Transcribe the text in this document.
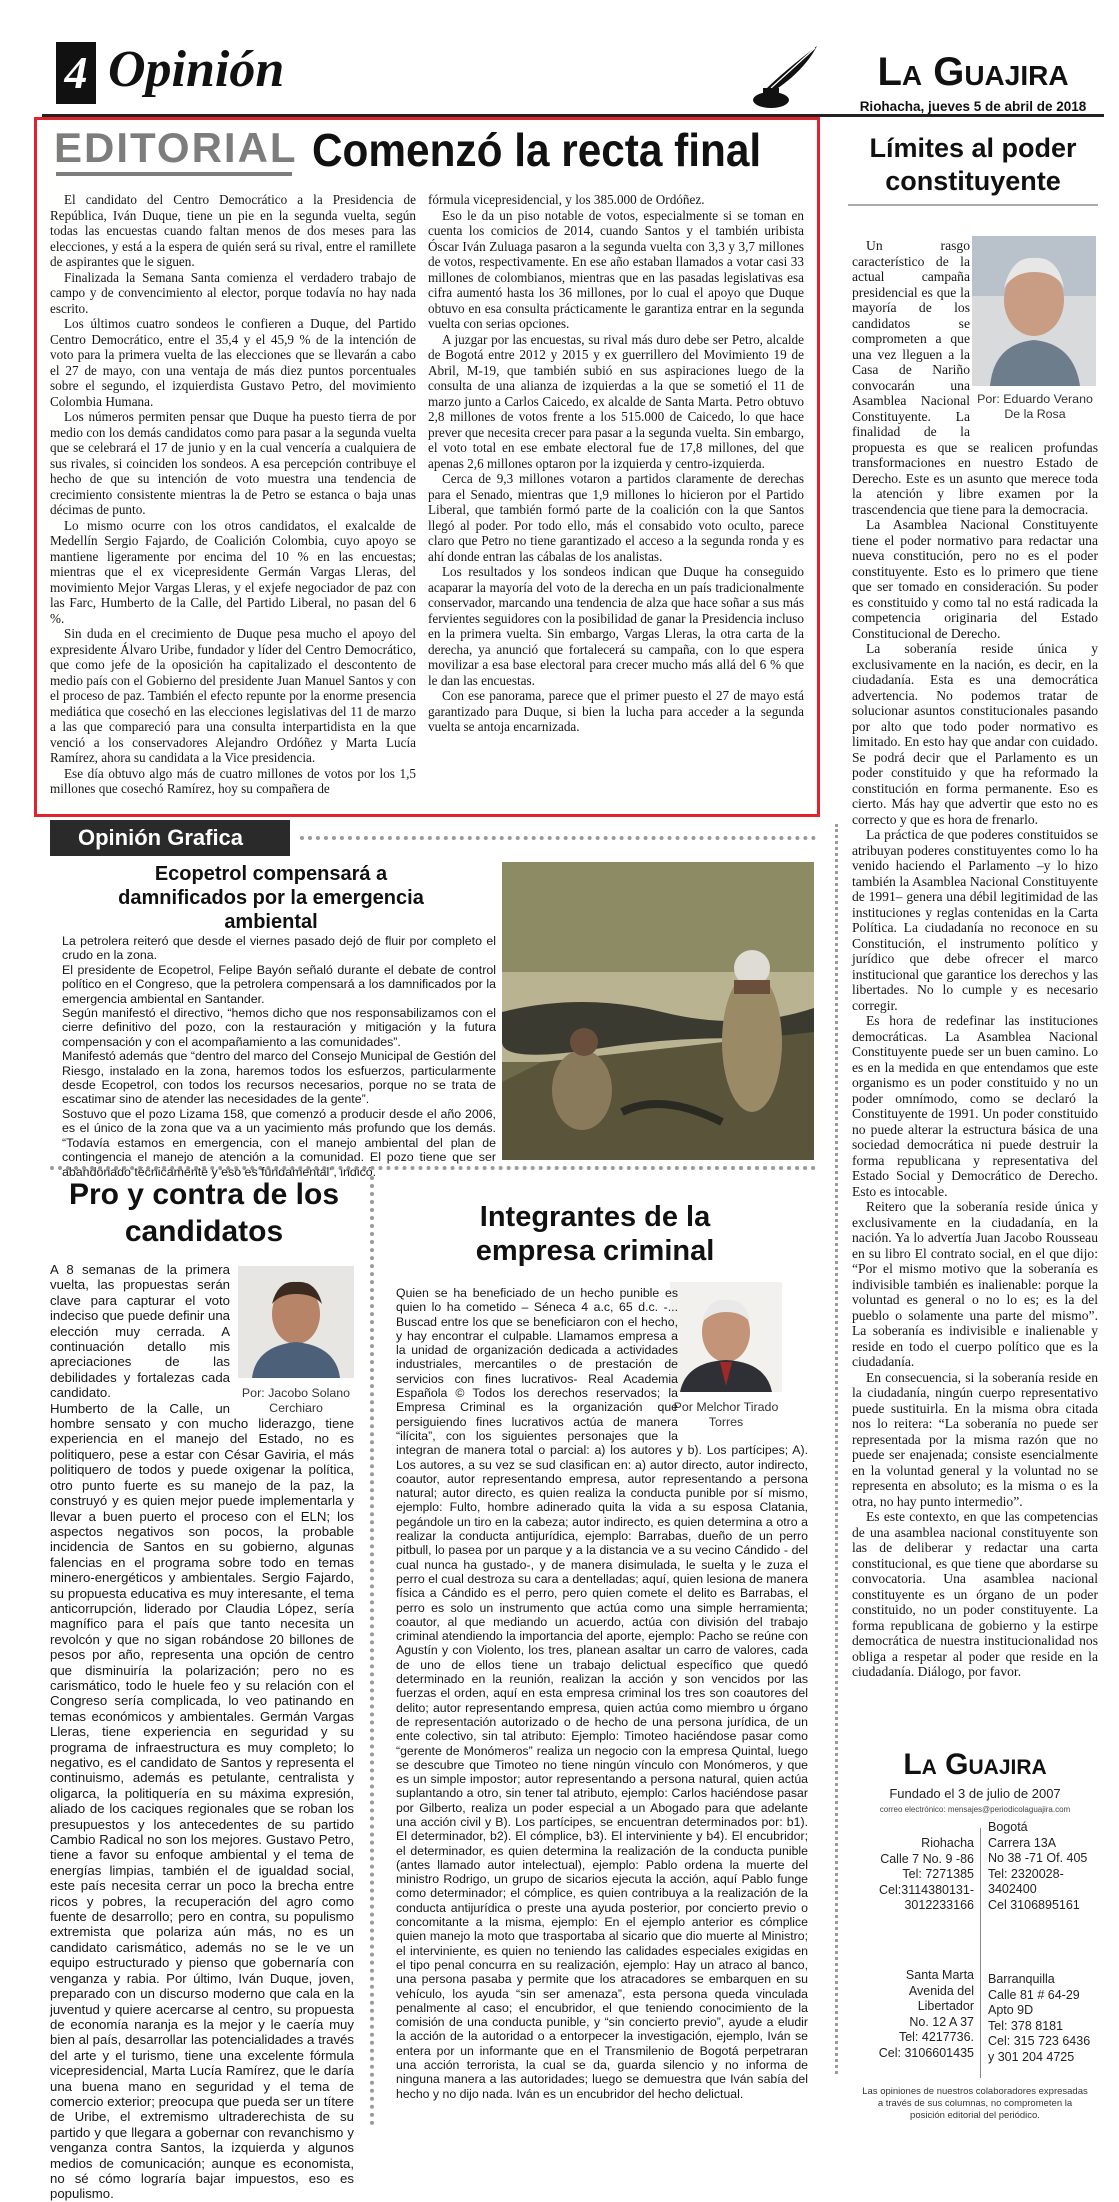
4 Opinión	La Guajira
Riohacha, jueves 5 de abril de 2018
EDITORIAL Comenzó la recta final

El candidato del Centro Democrático a la Presidencia de República, Iván Duque, tiene un pie en la segunda vuelta, según todas las encuestas cuando faltan menos de dos meses para las elecciones, y está a la espera de quién será su rival, entre el ramillete de aspirantes que le siguen.

Finalizada la Semana Santa comienza el verdadero trabajo de campo y de convencimiento al elector, porque todavía no hay nada escrito.

Los últimos cuatro sondeos le confieren a Duque, del Partido Centro Democrático, entre el 35,4 y el 45,9 % de la intención de voto para la primera vuelta de las elecciones que se llevarán a cabo el 27 de mayo, con una ventaja de más diez puntos porcentuales sobre el segundo, el izquierdista Gustavo Petro, del movimiento Colombia Humana.

Los números permiten pensar que Duque ha puesto tierra de por medio con los demás candidatos como para pasar a la segunda vuelta que se celebrará el 17 de junio y en la cual vencería a cualquiera de sus rivales, si coinciden los sondeos. A esa percepción contribuye el hecho de que su intención de voto muestra una tendencia de crecimiento consistente mientras la de Petro se estanca o baja unas décimas de punto.

Lo mismo ocurre con los otros candidatos, el exalcalde de Medellín Sergio Fajardo, de Coalición Colombia, cuyo apoyo se mantiene ligeramente por encima del 10 % en las encuestas; mientras que el ex vicepresidente Germán Vargas Lleras, del movimiento Mejor Vargas Lleras, y el exjefe negociador de paz con las Farc, Humberto de la Calle, del Partido Liberal, no pasan del 6 %.

Sin duda en el crecimiento de Duque pesa mucho el apoyo del expresidente Álvaro Uribe, fundador y líder del Centro Democrático, que como jefe de la oposición ha capitalizado el descontento de medio país con el Gobierno del presidente Juan Manuel Santos y con el proceso de paz. También el efecto repunte por la enorme presencia mediática que cosechó en las elecciones legislativas del 11 de marzo a las que compareció para una consulta interpartidista en la que venció a los conservadores Alejandro Ordóñez y Marta Lucía Ramírez, ahora su candidata a la Vice presidencia.

Ese día obtuvo algo más de cuatro millones de votos por los 1,5 millones que cosechó Ramírez, hoy su compañera de

fórmula vicepresidencial, y los 385.000 de Ordóñez.

Eso le da un piso notable de votos, especialmente si se toman en cuenta los comicios de 2014, cuando Santos y el también uribista Óscar Iván Zuluaga pasaron a la segunda vuelta con 3,3 y 3,7 millones de votos, respectivamente. En ese año estaban llamados a votar casi 33 millones de colombianos, mientras que en las pasadas legislativas esa cifra aumentó hasta los 36 millones, por lo cual el apoyo que Duque obtuvo en esa consulta prácticamente le garantiza entrar en la segunda vuelta con serias opciones.

A juzgar por las encuestas, su rival más duro debe ser Petro, alcalde de Bogotá entre 2012 y 2015 y ex guerrillero del Movimiento 19 de Abril, M-19, que también subió en sus aspiraciones luego de la consulta de una alianza de izquierdas a la que se sometió el 11 de marzo junto a Carlos Caicedo, ex alcalde de Santa Marta. Petro obtuvo 2,8 millones de votos frente a los 515.000 de Caicedo, lo que hace prever que necesita crecer para pasar a la segunda vuelta. Sin embargo, el voto total en ese embate electoral fue de 17,8 millones, del que apenas 2,6 millones optaron por la izquierda y centro-izquierda.

Cerca de 9,3 millones votaron a partidos claramente de derechas para el Senado, mientras que 1,9 millones lo hicieron por el Partido Liberal, que también formó parte de la coalición con la que Santos llegó al poder. Por todo ello, más el consabido voto oculto, parece claro que Petro no tiene garantizado el acceso a la segunda ronda y es ahí donde entran las cábalas de los analistas.

Los resultados y los sondeos indican que Duque ha conseguido acaparar la mayoría del voto de la derecha en un país tradicionalmente conservador, marcando una tendencia de alza que hace soñar a sus más fervientes seguidores con la posibilidad de ganar la Presidencia incluso en la primera vuelta. Sin embargo, Vargas Lleras, la otra carta de la derecha, ya anunció que fortalecerá su campaña, con lo que espera movilizar a esa base electoral para crecer mucho más allá del 6 % que le dan las encuestas.

Con ese panorama, parece que el primer puesto el 27 de mayo está garantizado para Duque, si bien la lucha para acceder a la segunda vuelta se antoja encarnizada.

Límites al poder constituyente
Por: Eduardo Verano De la Rosa

Un rasgo característico de la actual campaña presidencial es que la mayoría de los candidatos se comprometen a que una vez lleguen a la Casa de Nariño convocarán una Asamblea Nacional Constituyente. La finalidad de la propuesta es que se realicen profundas transformaciones en nuestro Estado de Derecho. Este es un asunto que merece toda la atención y libre examen por la trascendencia que tiene para la democracia.

La Asamblea Nacional Constituyente tiene el poder normativo para redactar una nueva constitución, pero no es el poder constituyente. Esto es lo primero que tiene que ser tomado en consideración. Su poder es constituido y como tal no está radicada la competencia originaria del Estado Constitucional de Derecho.

La soberanía reside única y exclusivamente en la nación, es decir, en la ciudadanía. Esta es una democrática advertencia. No podemos tratar de solucionar asuntos constitucionales pasando por alto que todo poder normativo es limitado. En esto hay que andar con cuidado. Se podrá decir que el Parlamento es un poder constituido y que ha reformado la constitución en forma permanente. Eso es cierto. Más hay que advertir que esto no es correcto y que es hora de frenarlo.

La práctica de que poderes constituidos se atribuyan poderes constituyentes como lo ha venido haciendo el Parlamento –y lo hizo también la Asamblea Nacional Constituyente de 1991– genera una débil legitimidad de las instituciones y reglas contenidas en la Carta Política. La ciudadanía no reconoce en su Constitución, el instrumento político y jurídico que debe ofrecer el marco institucional que garantice los derechos y las libertades. No lo cumple y es necesario corregir.

Es hora de redefinar las instituciones democráticas. La Asamblea Nacional Constituyente puede ser un buen camino. Lo es en la medida en que entendamos que este organismo es un poder constituido y no un poder omnímodo, como se declaró la Constituyente de 1991. Un poder constituido no puede alterar la estructura básica de una sociedad democrática ni puede destruir la forma republicana y representativa del Estado Social y Democrático de Derecho. Esto es intocable.

Reitero que la soberanía reside única y exclusivamente en la ciudadanía, en la nación. Ya lo advertía Juan Jacobo Rousseau en su libro El contrato social, en el que dijo: “Por el mismo motivo que la soberanía es indivisible también es inalienable: porque la voluntad es general o no lo es; es la del pueblo o solamente una parte del mismo”. La soberanía es indivisible e inalienable y reside en todo el cuerpo político que es la ciudadanía.

En consecuencia, si la soberanía reside en la ciudadanía, ningún cuerpo representativo puede sustituirla. En la misma obra citada nos lo reitera: “La soberanía no puede ser representada por la misma razón que no puede ser enajenada; consiste esencialmente en la voluntad general y la voluntad no se representa en absoluto; es la misma o es la otra, no hay punto intermedio”.

Es este contexto, en que las competencias de una asamblea nacional constituyente son las de deliberar y redactar una carta constitucional, es que tiene que abordarse su convocatoria. Una asamblea nacional constituyente es un órgano de un poder constituido, no un poder constituyente. La forma republicana de gobierno y la estirpe democrática de nuestra institucionalidad nos obliga a respetar al poder que reside en la ciudadanía. Diálogo, por favor.

Opinión Grafica
Ecopetrol compensará a damnificados por la emergencia ambiental

La petrolera reiteró que desde el viernes pasado dejó de fluir por completo el crudo en la zona.

El presidente de Ecopetrol, Felipe Bayón señaló durante el debate de control político en el Congreso, que la petrolera compensará a los damnificados por la emergencia ambiental en Santander.

Según manifestó el directivo, “hemos dicho que nos responsabilizamos con el cierre definitivo del pozo, con la restauración y mitigación y la futura compensación y con el acompañamiento a las comunidades”.

Manifestó además que “dentro del marco del Consejo Municipal de Gestión del Riesgo, instalado en la zona, haremos todos los esfuerzos, particularmente desde Ecopetrol, con todos los recursos necesarios, porque no se trata de escatimar sino de atender las necesidades de la gente”.

Sostuvo que el pozo Lizama 158, que comenzó a producir desde el año 2006, es el único de la zona que va a un yacimiento más profundo que los demás. “Todavía estamos en emergencia, con el manejo ambiental del plan de contingencia el manejo de atención a la comunidad. El pozo tiene que ser abandonado técnicamente y eso es fundamental”, indicó.

Pro y contra de los candidatos
Por: Jacobo Solano Cerchiaro

A 8 semanas de la primera vuelta, las propuestas serán clave para capturar el voto indeciso que puede definir una elección muy cerrada. A continuación detallo mis apreciaciones de las debilidades y fortalezas cada candidato.

Humberto de la Calle, un hombre sensato y con mucho liderazgo, tiene experiencia en el manejo del Estado, no es politiquero, pese a estar con César Gaviria, el más politiquero de todos y puede oxigenar la política, otro punto fuerte es su manejo de la paz, la construyó y es quien mejor puede implementarla y llevar a buen puerto el proceso con el ELN; los aspectos negativos son pocos, la probable incidencia de Santos en su gobierno, algunas falencias en el programa sobre todo en temas minero-energéticos y ambientales. Sergio Fajardo, su propuesta educativa es muy interesante, el tema anticorrupción, liderado por Claudia López, sería magnífico para el país que tanto necesita un revolcón y que no sigan robándose 20 billones de pesos por año, representa una opción de centro que disminuiría la polarización; pero no es carismático, todo le huele feo y su relación con el Congreso sería complicada, lo veo patinando en temas económicos y ambientales. Germán Vargas Lleras, tiene experiencia en seguridad y su programa de infraestructura es muy completo; lo negativo, es el candidato de Santos y representa el continuismo, además es petulante, centralista y oligarca, la politiquería en su máxima expresión, aliado de los caciques regionales que se roban los presupuestos y los antecedentes de su partido Cambio Radical no son los mejores. Gustavo Petro, tiene a favor su enfoque ambiental y el tema de energías limpias, también el de igualdad social, este país necesita cerrar un poco la brecha entre ricos y pobres, la recuperación del agro como fuente de desarrollo; pero en contra, su populismo extremista que polariza aún más, no es un candidato carismático, además no se le ve un equipo estructurado y pienso que gobernaría con venganza y rabia. Por último, Iván Duque, joven, preparado con un discurso moderno que cala en la juventud y quiere acercarse al centro, su propuesta de economía naranja es la mejor y le caería muy bien al país, desarrollar las potencialidades a través del arte y el turismo, tiene una excelente fórmula vicepresidencial, Marta Lucía Ramírez, que le daría una buena mano en seguridad y el tema de comercio exterior; preocupa que pueda ser un títere de Uribe, el extremismo ultraderechista de su partido y que llegara a gobernar con revanchismo y venganza contra Santos, la izquierda y algunos medios de comunicación; aunque es economista, no sé cómo lograría bajar impuestos, eso es populismo.

Integrantes de la empresa criminal
Por Melchor Tirado Torres

Quien se ha beneficiado de un hecho punible es quien lo ha cometido – Séneca 4 a.c, 65 d.c. -... Buscad entre los que se beneficiaron con el hecho, y hay encontrar el culpable. Llamamos empresa a la unidad de organización dedicada a actividades industriales, mercantiles o de prestación de servicios con fines lucrativos- Real Academia Española © Todos los derechos reservados; la Empresa Criminal es la organización que persiguiendo fines lucrativos actúa de manera “ilícita”, con los siguientes personajes que la integran de manera total o parcial: a) los autores y b). Los partícipes; A). Los autores, a su vez se sud clasifican en: a) autor directo, autor indirecto, coautor, autor representando empresa, autor representando a persona natural; autor directo, es quien realiza la conducta punible por sí mismo, ejemplo: Fulto, hombre adinerado quita la vida a su esposa Clatania, pegándole un tiro en la cabeza; autor indirecto, es quien determina a otro a realizar la conducta antijurídica, ejemplo: Barrabas, dueño de un perro pitbull, lo pasea por un parque y a la distancia ve a su vecino Cándido - del cual nunca ha gustado-, y de manera disimulada, le suelta y le zuza el perro el cual destroza su cara a dentelladas; aquí, quien lesiona de manera física a Cándido es el perro, pero quien comete el delito es Barrabas, el perro es solo un instrumento que actúa como una simple herramienta; coautor, al que mediando un acuerdo, actúa con división del trabajo criminal atendiendo la importancia del aporte, ejemplo: Pacho se reúne con Agustín y con Violento, los tres, planean asaltar un carro de valores, cada de uno de ellos tiene un trabajo delictual específico que quedó determinado en la reunión, realizan la acción y son vencidos por las fuerzas el orden, aquí en esta empresa criminal los tres son coautores del delito; autor representando empresa, quien actúa como miembro u órgano de representación autorizado o de hecho de una persona jurídica, de un ente colectivo, sin tal atributo: Ejemplo: Timoteo haciéndose pasar como “gerente de Monómeros” realiza un negocio con la empresa Quintal, luego se descubre que Timoteo no tiene ningún vínculo con Monómeros, y que es un simple impostor; autor representando a persona natural, quien actúa suplantando a otro, sin tener tal atributo, ejemplo: Carlos haciéndose pasar por Gilberto, realiza un poder especial a un Abogado para que adelante una acción civil y B). Los partícipes, se encuentran determinados por: b1). El determinador, b2). El cómplice, b3). El interviniente y b4). El encubridor; el determinador, es quien determina la realización de la conducta punible (antes llamado autor intelectual), ejemplo: Pablo ordena la muerte del ministro Rodrigo, un grupo de sicarios ejecuta la acción, aquí Pablo funge como determinador; el cómplice, es quien contribuya a la realización de la conducta antijurídica o preste una ayuda posterior, por concierto previo o concomitante a la misma, ejemplo: En el ejemplo anterior es cómplice quien manejo la moto que trasportaba al sicario que dio muerte al Ministro; el interviniente, es quien no teniendo las calidades especiales exigidas en el tipo penal concurra en su realización, ejemplo: Hay un atraco al banco, una persona pasaba y permite que los atracadores se embarquen en su vehículo, los ayuda “sin ser amenaza”, esta persona queda vinculada penalmente al caso; el encubridor, el que teniendo conocimiento de la comisión de una conducta punible, y “sin concierto previo”, ayude a eludir la acción de la autoridad o a entorpecer la investigación, ejemplo, Iván se entera por un informante que en el Transmilenio de Bogotá perpetraran una acción terrorista, la cual se da, guarda silencio y no informa de ninguna manera a las autoridades; luego se demuestra que Iván sabía del hecho y no dijo nada. Iván es un encubridor del hecho delictual.

La Guajira
Fundado el 3 de julio de 2007
correo electrónico: mensajes@periodicolaguajira.com
Riohacha
Calle 7 No. 9 -86
Tel: 7271385
Cel:3114380131-
3012233166
Bogotá
Carrera 13A
No 38 -71 Of. 405
Tel: 2320028-
3402400
Cel 3106895161
Santa Marta
Avenida del
Libertador
No. 12 A 37
Tel: 4217736.
Cel: 3106601435
Barranquilla
Calle 81 # 64-29
Apto 9D
Tel: 378 8181
Cel: 315 723 6436
y 301 204 4725
Las opiniones de nuestros colaboradores expresadas a través de sus columnas, no comprometen la posición editorial del periódico.
